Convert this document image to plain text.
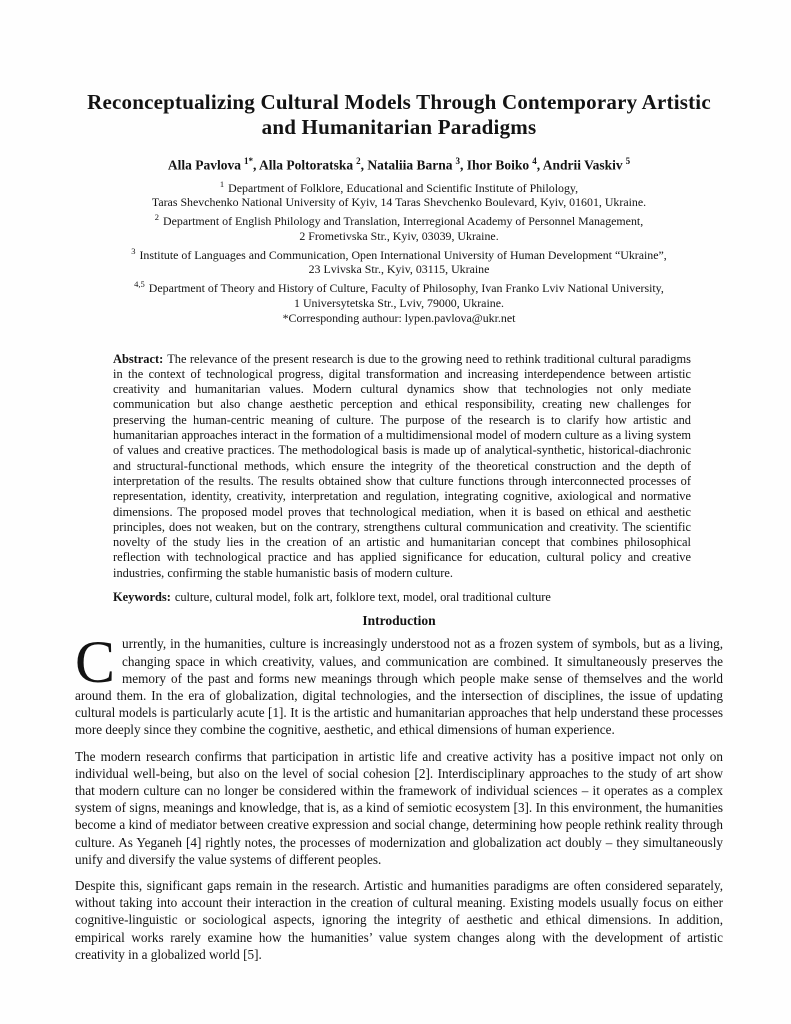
Reconceptualizing Cultural Models Through Contemporary Artistic and Humanitarian Paradigms
Alla Pavlova $^{1*}$, Alla Poltoratska $^2$, Nataliia Barna $^3$, Ihor Boiko $^4$, Andrii Vaskiv $^5$
$^1$ Department of Folklore, Educational and Scientific Institute of Philology,
Taras Shevchenko National University of Kyiv, 14 Taras Shevchenko Boulevard, Kyiv, 01601, Ukraine.
$^2$ Department of English Philology and Translation, Interregional Academy of Personnel Management,
2 Frometivska Str., Kyiv, 03039, Ukraine.
$^3$ Institute of Languages and Communication, Open International University of Human Development “Ukraine”,
23 Lvivska Str., Kyiv, 03115, Ukraine
$^{4,5}$ Department of Theory and History of Culture, Faculty of Philosophy, Ivan Franko Lviv National University,
1 Universytetska Str., Lviv, 79000, Ukraine.
*Corresponding authour: lypen.pavlova@ukr.net

Abstract: The relevance of the present research is due to the growing need to rethink traditional cultural paradigms in the context of technological progress, digital transformation and increasing interdependence between artistic creativity and humanitarian values. Modern cultural dynamics show that technologies not only mediate communication but also change aesthetic perception and ethical responsibility, creating new challenges for preserving the human-centric meaning of culture. The purpose of the research is to clarify how artistic and humanitarian approaches interact in the formation of a multidimensional model of modern culture as a living system of values and creative practices. The methodological basis is made up of analytical-synthetic, historical-diachronic and structural-functional methods, which ensure the integrity of the theoretical construction and the depth of interpretation of the results. The results obtained show that culture functions through interconnected processes of representation, identity, creativity, interpretation and regulation, integrating cognitive, axiological and normative dimensions. The proposed model proves that technological mediation, when it is based on ethical and aesthetic principles, does not weaken, but on the contrary, strengthens cultural communication and creativity. The scientific novelty of the study lies in the creation of an artistic and humanitarian concept that combines philosophical reflection with technological practice and has applied significance for education, cultural policy and creative industries, confirming the stable humanistic basis of modern culture.

Keywords: culture, cultural model, folk art, folklore text, model, oral traditional culture

Introduction

Currently, in the humanities, culture is increasingly understood not as a frozen system of symbols, but as a living, changing space in which creativity, values, and communication are combined. It simultaneously preserves the memory of the past and forms new meanings through which people make sense of themselves and the world around them. In the era of globalization, digital technologies, and the intersection of disciplines, the issue of updating cultural models is particularly acute [1]. It is the artistic and humanitarian approaches that help understand these processes more deeply since they combine the cognitive, aesthetic, and ethical dimensions of human experience.

The modern research confirms that participation in artistic life and creative activity has a positive impact not only on individual well-being, but also on the level of social cohesion [2]. Interdisciplinary approaches to the study of art show that modern culture can no longer be considered within the framework of individual sciences – it operates as a complex system of signs, meanings and knowledge, that is, as a kind of semiotic ecosystem [3]. In this environment, the humanities become a kind of mediator between creative expression and social change, determining how people rethink reality through culture. As Yeganeh [4] rightly notes, the processes of modernization and globalization act doubly – they simultaneously unify and diversify the value systems of different peoples.

Despite this, significant gaps remain in the research. Artistic and humanities paradigms are often considered separately, without taking into account their interaction in the creation of cultural meaning. Existing models usually focus on either cognitive-linguistic or sociological aspects, ignoring the integrity of aesthetic and ethical dimensions. In addition, empirical works rarely examine how the humanities’ value system changes along with the development of artistic creativity in a globalized world [5].
